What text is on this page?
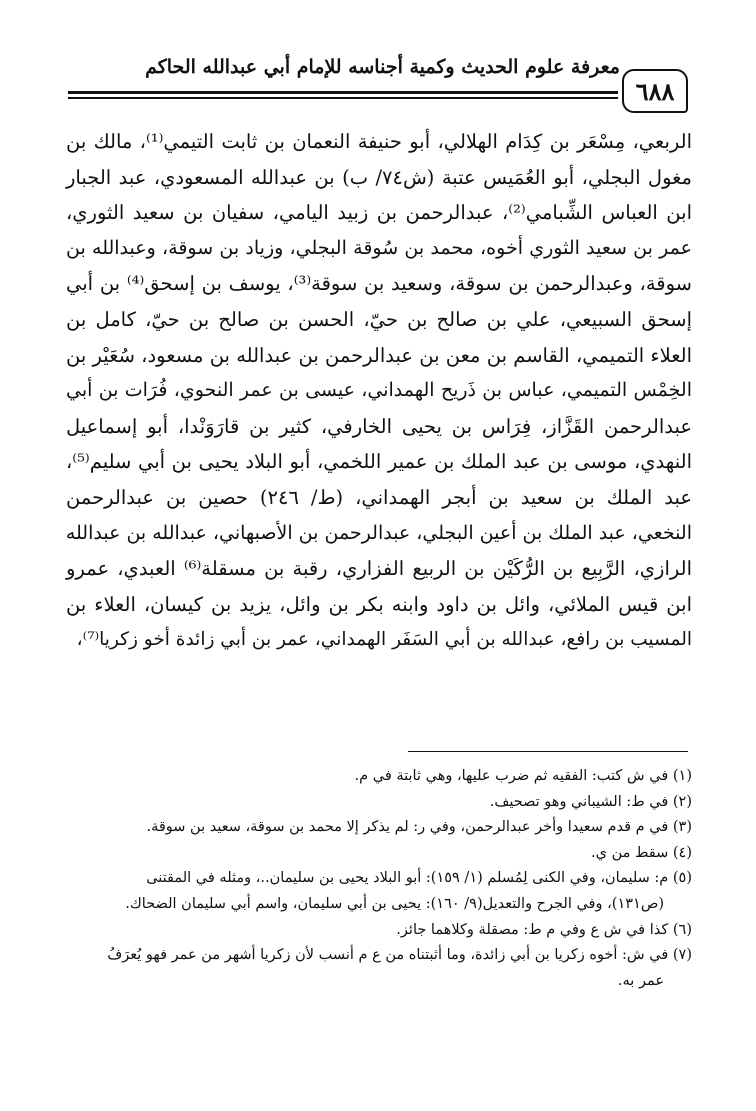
معرفة علوم الحديث وكمية أجناسه للإمام أبي عبدالله الحاكم
٦٨٨
الربعي، مِسْعَر بن كِدَام الهلالي، أبو حنيفة النعمان بن ثابت التيمي⁽¹⁾، مالك بن
مغول البجلي، أبو العُمَيس عتبة (ش٧٤/ ب) بن عبدالله المسعودي، عبد الجبار
ابن العباس الشِّبامي⁽²⁾، عبدالرحمن بن زبيد اليامي، سفيان بن سعيد الثوري،
عمر بن سعيد الثوري أخوه، محمد بن سُوقة البجلي، وزياد بن سوقة، وعبدالله بن
سوقة، وعبدالرحمن بن سوقة، وسعيد بن سوقة⁽³⁾، يوسف بن إسحق⁽⁴⁾ بن أبي
إسحق السبيعي، علي بن صالح بن حيّ، الحسن بن صالح بن حيّ، كامل بن
العلاء التميمي، القاسم بن معن بن عبدالرحمن بن عبدالله بن مسعود، سُعَيْر بن
الخِمْس التميمي، عباس بن ذَريح الهمداني، عيسى بن عمر النحوي، فُرَات بن أبي
عبدالرحمن القَزَّاز، فِرَاس بن يحيى الخارفي، كثير بن قارَوَنْدا، أبو إسماعيل
النهدي، موسى بن عبد الملك بن عمير اللخمي، أبو البلاد يحيى بن أبي سليم⁽⁵⁾،
عبد الملك بن سعيد بن أبجر الهمداني، (ط/ ٢٤٦) حصين بن عبدالرحمن
النخعي، عبد الملك بن أعين البجلي، عبدالرحمن بن الأصبهاني، عبدالله بن عبدالله
الرازي، الرَّبِيع بن الرُّكَيْن بن الربيع الفزاري، رقبة بن مسقلة⁽⁶⁾ العبدي، عمرو
ابن قيس الملائي، وائل بن داود وابنه بكر بن وائل، يزيد بن كيسان، العلاء بن
المسيب بن رافع، عبدالله بن أبي السَفَر الهمداني، عمر بن أبي زائدة أخو زكريا⁽⁷⁾،
(١) في ش كتب: الفقيه ثم ضرب عليها، وهي ثابتة في م.
(٢) في ط: الشيباني وهو تصحيف.
(٣) في م قدم سعيدا وأخر عبدالرحمن، وفي ر: لم يذكر إلا محمد بن سوقة، سعيد بن سوقة.
(٤) سقط من ي.
(٥) م: سليمان، وفي الكنى لِمُسلم (١/ ١٥٩): أبو البلاد يحيى بن سليمان..، ومثله في المقتنى
(ص١٣١)، وفي الجرح والتعديل(٩/ ١٦٠): يحيى بن أبي سليمان، واسم أبي سليمان الضحاك.
(٦) كذا في ش ع وفي م ط: مصقلة وكلاهما جائز.
(٧) في ش: أخوه زكريا بن أبي زائدة، وما أثبتناه من ع م أنسب لأن زكريا أشهر من عمر فهو يُعرَفُ
عمر به.
